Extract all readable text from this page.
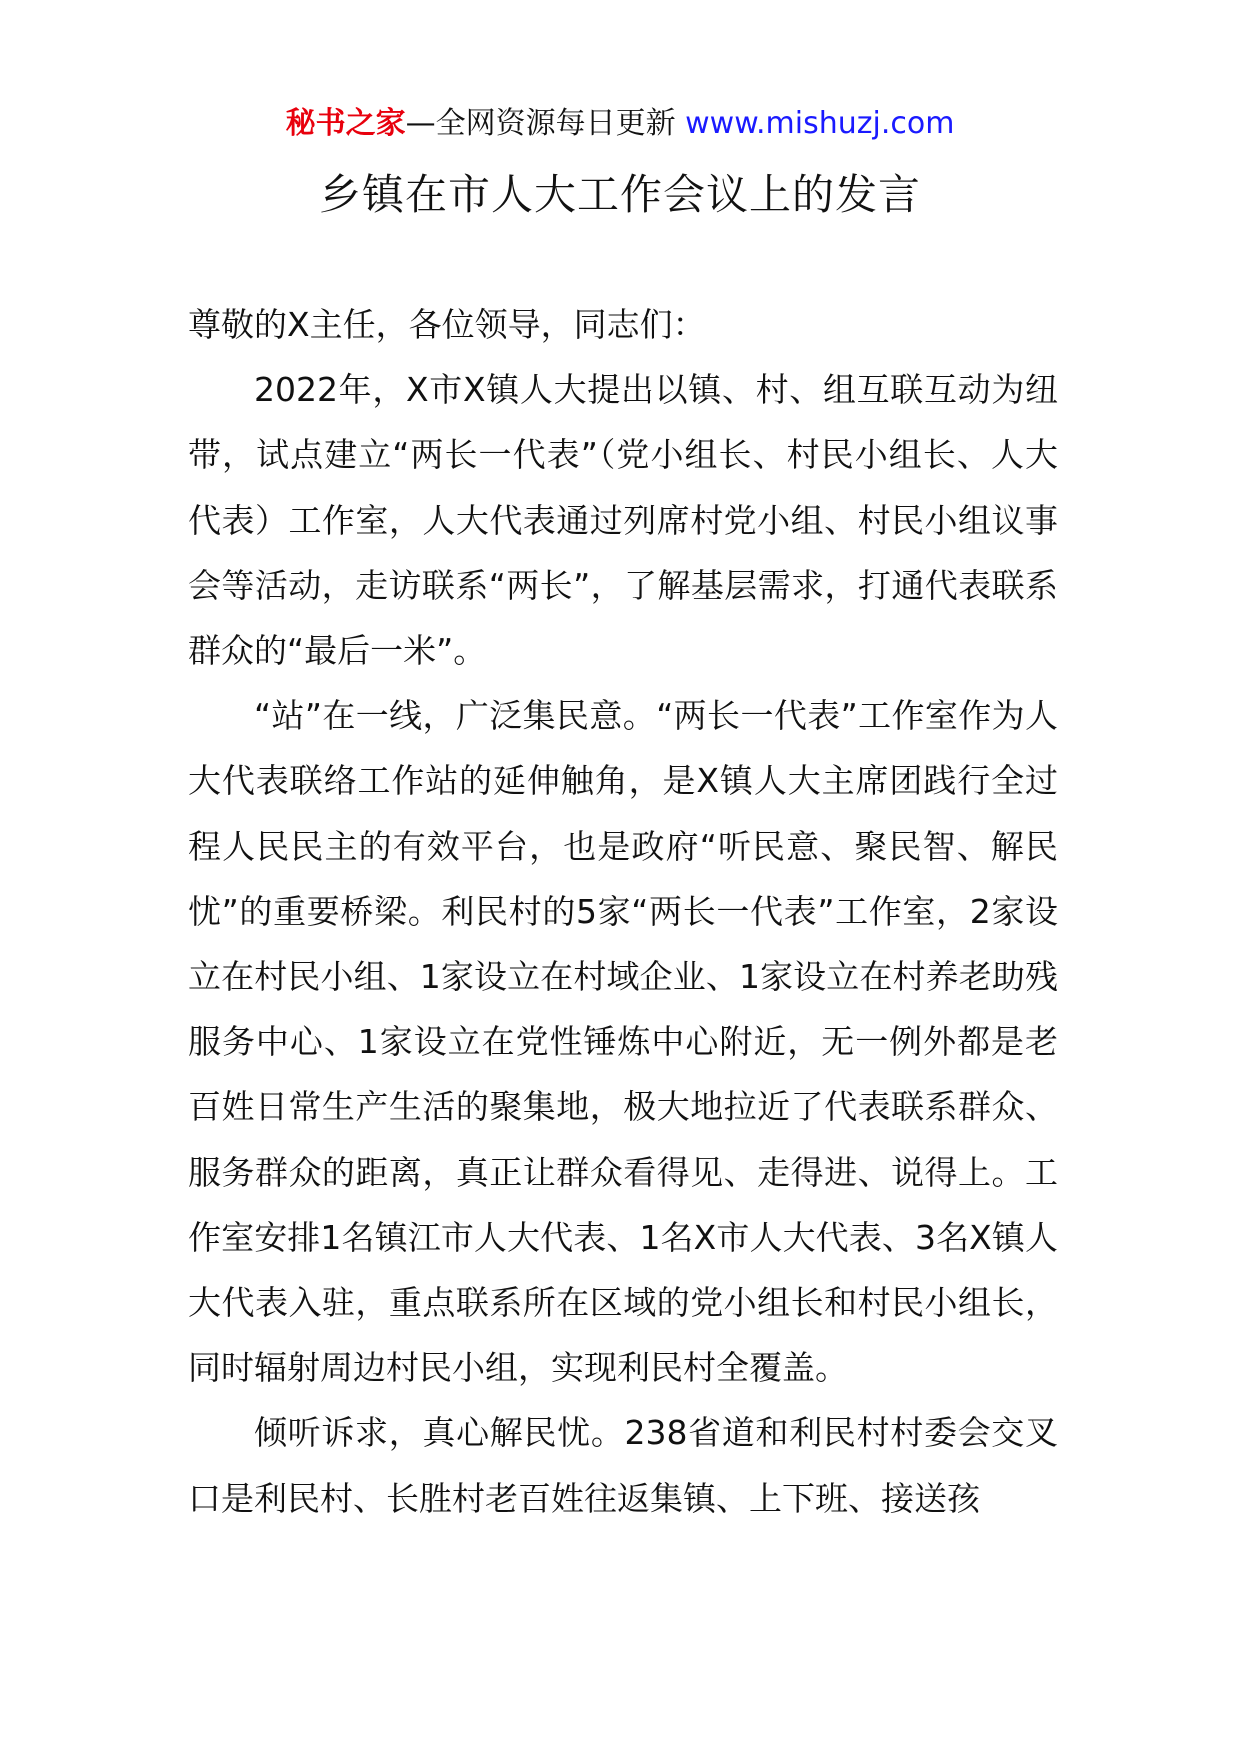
秘书之家—全网资源每日更新 www.mishuzj.com
乡镇在市人大工作会议上的发言

尊敬的X主任，各位领导，同志们：

2022年，X市X镇人大提出以镇、村、组互联互动为纽带，试点建立“两长一代表”（党小组长、村民小组长、人大代表）工作室，人大代表通过列席村党小组、村民小组议事会等活动，走访联系“两长”，了解基层需求，打通代表联系群众的“最后一米”。

“站”在一线，广泛集民意。“两长一代表”工作室作为人大代表联络工作站的延伸触角，是X镇人大主席团践行全过程人民民主的有效平台，也是政府“听民意、聚民智、解民忧”的重要桥梁。利民村的5家“两长一代表”工作室，2家设立在村民小组、1家设立在村域企业、1家设立在村养老助残服务中心、1家设立在党性锤炼中心附近，无一例外都是老百姓日常生产生活的聚集地，极大地拉近了代表联系群众、服务群众的距离，真正让群众看得见、走得进、说得上。工作室安排1名镇江市人大代表、1名X市人大代表、3名X镇人大代表入驻，重点联系所在区域的党小组长和村民小组长，同时辐射周边村民小组，实现利民村全覆盖。

倾听诉求，真心解民忧。238省道和利民村村委会交叉口是利民村、长胜村老百姓往返集镇、上下班、接送孩
